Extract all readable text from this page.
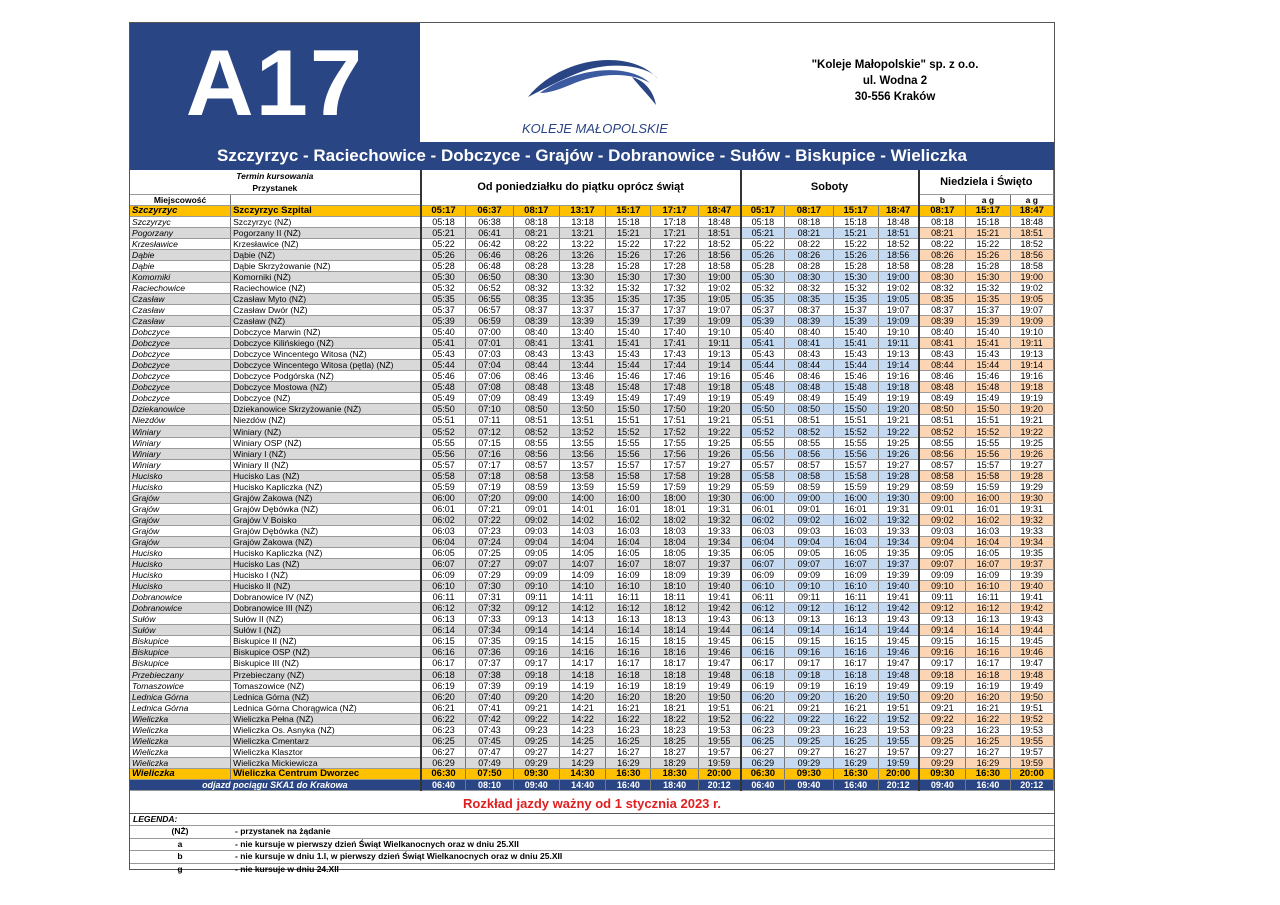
A17	KOLEJE MAŁOPOLSKIE
"Koleje Małopolskie" sp. z o.o.
ul. Wodna 2
30-556 Kraków
Szczyrzyc - Raciechowice - Dobczyce - Grajów - Dobranowice - Sułów - Biskupice - Wieliczka
Termin kursowania		Od poniedziałku do piątku oprócz świąt							Soboty				Niedziela i Święto		
Przystanek															
Miejscowość													b	a g	a g
Szczyrzyc	Szczyrzyc Szpital	05:17	06:37	08:17	13:17	15:17	17:17	18:47	05:17	08:17	15:17	18:47	08:17	15:17	18:47
Szczyrzyc	Szczyrzyc (NŻ)	05:18	06:38	08:18	13:18	15:18	17:18	18:48	05:18	08:18	15:18	18:48	08:18	15:18	18:48
Pogorzany	Pogorzany II (NŻ)	05:21	06:41	08:21	13:21	15:21	17:21	18:51	05:21	08:21	15:21	18:51	08:21	15:21	18:51
Krzesławice	Krzesławice (NŻ)	05:22	06:42	08:22	13:22	15:22	17:22	18:52	05:22	08:22	15:22	18:52	08:22	15:22	18:52
Dąbie	Dąbie (NŻ)	05:26	06:46	08:26	13:26	15:26	17:26	18:56	05:26	08:26	15:26	18:56	08:26	15:26	18:56
Dąbie	Dąbie Skrzyżowanie (NŻ)	05:28	06:48	08:28	13:28	15:28	17:28	18:58	05:28	08:28	15:28	18:58	08:28	15:28	18:58
Komorniki	Komorniki (NŻ)	05:30	06:50	08:30	13:30	15:30	17:30	19:00	05:30	08:30	15:30	19:00	08:30	15:30	19:00
Raciechowice	Raciechowice (NŻ)	05:32	06:52	08:32	13:32	15:32	17:32	19:02	05:32	08:32	15:32	19:02	08:32	15:32	19:02
Czasław	Czasław Myto (NŻ)	05:35	06:55	08:35	13:35	15:35	17:35	19:05	05:35	08:35	15:35	19:05	08:35	15:35	19:05
Czasław	Czasław Dwór (NŻ)	05:37	06:57	08:37	13:37	15:37	17:37	19:07	05:37	08:37	15:37	19:07	08:37	15:37	19:07
Czasław	Czasław (NŻ)	05:39	06:59	08:39	13:39	15:39	17:39	19:09	05:39	08:39	15:39	19:09	08:39	15:39	19:09
Dobczyce	Dobczyce Marwin (NŻ)	05:40	07:00	08:40	13:40	15:40	17:40	19:10	05:40	08:40	15:40	19:10	08:40	15:40	19:10
Dobczyce	Dobczyce Kilińskiego (NŻ)	05:41	07:01	08:41	13:41	15:41	17:41	19:11	05:41	08:41	15:41	19:11	08:41	15:41	19:11
Dobczyce	Dobczyce Wincentego Witosa (NŻ)	05:43	07:03	08:43	13:43	15:43	17:43	19:13	05:43	08:43	15:43	19:13	08:43	15:43	19:13
Dobczyce	Dobczyce Wincentego Witosa (pętla) (NŻ)	05:44	07:04	08:44	13:44	15:44	17:44	19:14	05:44	08:44	15:44	19:14	08:44	15:44	19:14
Dobczyce	Dobczyce Podgórska (NŻ)	05:46	07:06	08:46	13:46	15:46	17:46	19:16	05:46	08:46	15:46	19:16	08:46	15:46	19:16
Dobczyce	Dobczyce Mostowa (NŻ)	05:48	07:08	08:48	13:48	15:48	17:48	19:18	05:48	08:48	15:48	19:18	08:48	15:48	19:18
Dobczyce	Dobczyce (NŻ)	05:49	07:09	08:49	13:49	15:49	17:49	19:19	05:49	08:49	15:49	19:19	08:49	15:49	19:19
Dziekanowice	Dziekanowice Skrzyżowanie (NŻ)	05:50	07:10	08:50	13:50	15:50	17:50	19:20	05:50	08:50	15:50	19:20	08:50	15:50	19:20
Niezdów	Niezdów (NŻ)	05:51	07:11	08:51	13:51	15:51	17:51	19:21	05:51	08:51	15:51	19:21	08:51	15:51	19:21
Winiary	Winiary (NŻ)	05:52	07:12	08:52	13:52	15:52	17:52	19:22	05:52	08:52	15:52	19:22	08:52	15:52	19:22
Winiary	Winiary OSP (NŻ)	05:55	07:15	08:55	13:55	15:55	17:55	19:25	05:55	08:55	15:55	19:25	08:55	15:55	19:25
Winiary	Winiary I (NŻ)	05:56	07:16	08:56	13:56	15:56	17:56	19:26	05:56	08:56	15:56	19:26	08:56	15:56	19:26
Winiary	Winiary II (NŻ)	05:57	07:17	08:57	13:57	15:57	17:57	19:27	05:57	08:57	15:57	19:27	08:57	15:57	19:27
Hucisko	Hucisko Las (NŻ)	05:58	07:18	08:58	13:58	15:58	17:58	19:28	05:58	08:58	15:58	19:28	08:58	15:58	19:28
Hucisko	Hucisko Kapliczka (NŻ)	05:59	07:19	08:59	13:59	15:59	17:59	19:29	05:59	08:59	15:59	19:29	08:59	15:59	19:29
Grajów	Grajów Żakowa (NŻ)	06:00	07:20	09:00	14:00	16:00	18:00	19:30	06:00	09:00	16:00	19:30	09:00	16:00	19:30
Grajów	Grajów Dębówka (NŻ)	06:01	07:21	09:01	14:01	16:01	18:01	19:31	06:01	09:01	16:01	19:31	09:01	16:01	19:31
Grajów	Grajów V Boisko	06:02	07:22	09:02	14:02	16:02	18:02	19:32	06:02	09:02	16:02	19:32	09:02	16:02	19:32
Grajów	Grajów Dębówka (NŻ)	06:03	07:23	09:03	14:03	16:03	18:03	19:33	06:03	09:03	16:03	19:33	09:03	16:03	19:33
Grajów	Grajów Żakowa (NŻ)	06:04	07:24	09:04	14:04	16:04	18:04	19:34	06:04	09:04	16:04	19:34	09:04	16:04	19:34
Hucisko	Hucisko Kapliczka (NŻ)	06:05	07:25	09:05	14:05	16:05	18:05	19:35	06:05	09:05	16:05	19:35	09:05	16:05	19:35
Hucisko	Hucisko Las (NŻ)	06:07	07:27	09:07	14:07	16:07	18:07	19:37	06:07	09:07	16:07	19:37	09:07	16:07	19:37
Hucisko	Hucisko I (NŻ)	06:09	07:29	09:09	14:09	16:09	18:09	19:39	06:09	09:09	16:09	19:39	09:09	16:09	19:39
Hucisko	Hucisko II (NŻ)	06:10	07:30	09:10	14:10	16:10	18:10	19:40	06:10	09:10	16:10	19:40	09:10	16:10	19:40
Dobranowice	Dobranowice IV (NŻ)	06:11	07:31	09:11	14:11	16:11	18:11	19:41	06:11	09:11	16:11	19:41	09:11	16:11	19:41
Dobranowice	Dobranowice III (NŻ)	06:12	07:32	09:12	14:12	16:12	18:12	19:42	06:12	09:12	16:12	19:42	09:12	16:12	19:42
Sułów	Sułów II (NŻ)	06:13	07:33	09:13	14:13	16:13	18:13	19:43	06:13	09:13	16:13	19:43	09:13	16:13	19:43
Sułów	Sułów I (NŻ)	06:14	07:34	09:14	14:14	16:14	18:14	19:44	06:14	09:14	16:14	19:44	09:14	16:14	19:44
Biskupice	Biskupice II (NŻ)	06:15	07:35	09:15	14:15	16:15	18:15	19:45	06:15	09:15	16:15	19:45	09:15	16:15	19:45
Biskupice	Biskupice OSP (NŻ)	06:16	07:36	09:16	14:16	16:16	18:16	19:46	06:16	09:16	16:16	19:46	09:16	16:16	19:46
Biskupice	Biskupice III (NŻ)	06:17	07:37	09:17	14:17	16:17	18:17	19:47	06:17	09:17	16:17	19:47	09:17	16:17	19:47
Przebieczany	Przebieczany (NŻ)	06:18	07:38	09:18	14:18	16:18	18:18	19:48	06:18	09:18	16:18	19:48	09:18	16:18	19:48
Tomaszowice	Tomaszowice (NŻ)	06:19	07:39	09:19	14:19	16:19	18:19	19:49	06:19	09:19	16:19	19:49	09:19	16:19	19:49
Lednica Górna	Lednica Górna (NŻ)	06:20	07:40	09:20	14:20	16:20	18:20	19:50	06:20	09:20	16:20	19:50	09:20	16:20	19:50
Lednica Górna	Lednica Górna Chorągwica (NŻ)	06:21	07:41	09:21	14:21	16:21	18:21	19:51	06:21	09:21	16:21	19:51	09:21	16:21	19:51
Wieliczka	Wieliczka Pełna (NŻ)	06:22	07:42	09:22	14:22	16:22	18:22	19:52	06:22	09:22	16:22	19:52	09:22	16:22	19:52
Wieliczka	Wieliczka Os. Asnyka (NŻ)	06:23	07:43	09:23	14:23	16:23	18:23	19:53	06:23	09:23	16:23	19:53	09:23	16:23	19:53
Wieliczka	Wieliczka Cmentarz	06:25	07:45	09:25	14:25	16:25	18:25	19:55	06:25	09:25	16:25	19:55	09:25	16:25	19:55
Wieliczka	Wieliczka Klasztor	06:27	07:47	09:27	14:27	16:27	18:27	19:57	06:27	09:27	16:27	19:57	09:27	16:27	19:57
Wieliczka	Wieliczka Mickiewicza	06:29	07:49	09:29	14:29	16:29	18:29	19:59	06:29	09:29	16:29	19:59	09:29	16:29	19:59
Wieliczka	Wieliczka Centrum Dworzec	06:30	07:50	09:30	14:30	16:30	18:30	20:00	06:30	09:30	16:30	20:00	09:30	16:30	20:00
odjazd pociągu SKA1 do Krakowa		06:40	08:10	09:40	14:40	16:40	18:40	20:12	06:40	09:40	16:40	20:12	09:40	16:40	20:12
Rozkład jazdy ważny od 1 stycznia 2023 r.
LEGENDA:
(NŻ)	- przystanek na żądanie
a	- nie kursuje w pierwszy dzień Świąt Wielkanocnych oraz w dniu 25.XII
b	- nie kursuje w dniu 1.I, w pierwszy dzień Świąt Wielkanocnych oraz w dniu 25.XII
g	- nie kursuje w dniu 24.XII
